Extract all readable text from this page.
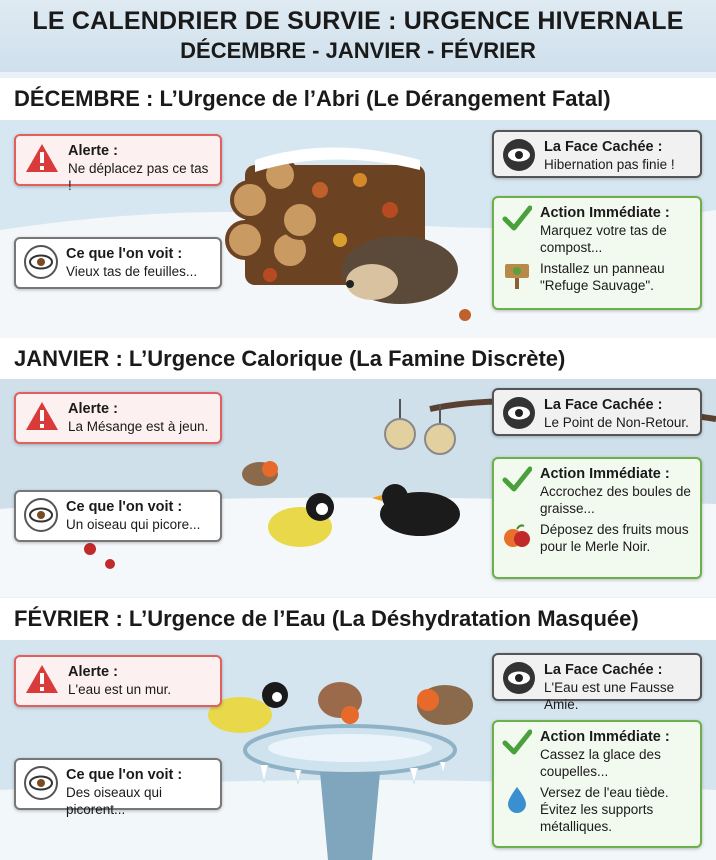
LE CALENDRIER DE SURVIE : URGENCE HIVERNALE
DÉCEMBRE - JANVIER - FÉVRIER
DÉCEMBRE : L’Urgence de l’Abri (Le Dérangement Fatal)
Alerte :
Ne déplacez pas ce tas !
Ce que l'on voit :
Vieux tas de feuilles...
La Face Cachée :
Hibernation pas finie !
Action Immédiate :
Marquez votre tas de compost...
Installez un panneau "Refuge Sauvage".
JANVIER : L’Urgence Calorique (La Famine Discrète)
Alerte :
La Mésange est à jeun.
Ce que l'on voit :
Un oiseau qui picore...
La Face Cachée :
Le Point de Non-Retour.
Action Immédiate :
Accrochez des boules de graisse...
Déposez des fruits mous pour le Merle Noir.
FÉVRIER : L’Urgence de l’Eau (La Déshydratation Masquée)
Alerte :
L'eau est un mur.
Ce que l'on voit :
Des oiseaux qui picorent...
La Face Cachée :
L'Eau est une Fausse Amie.
Action Immédiate :
Cassez la glace des coupelles...
Versez de l'eau tiède. Évitez les supports métalliques.
